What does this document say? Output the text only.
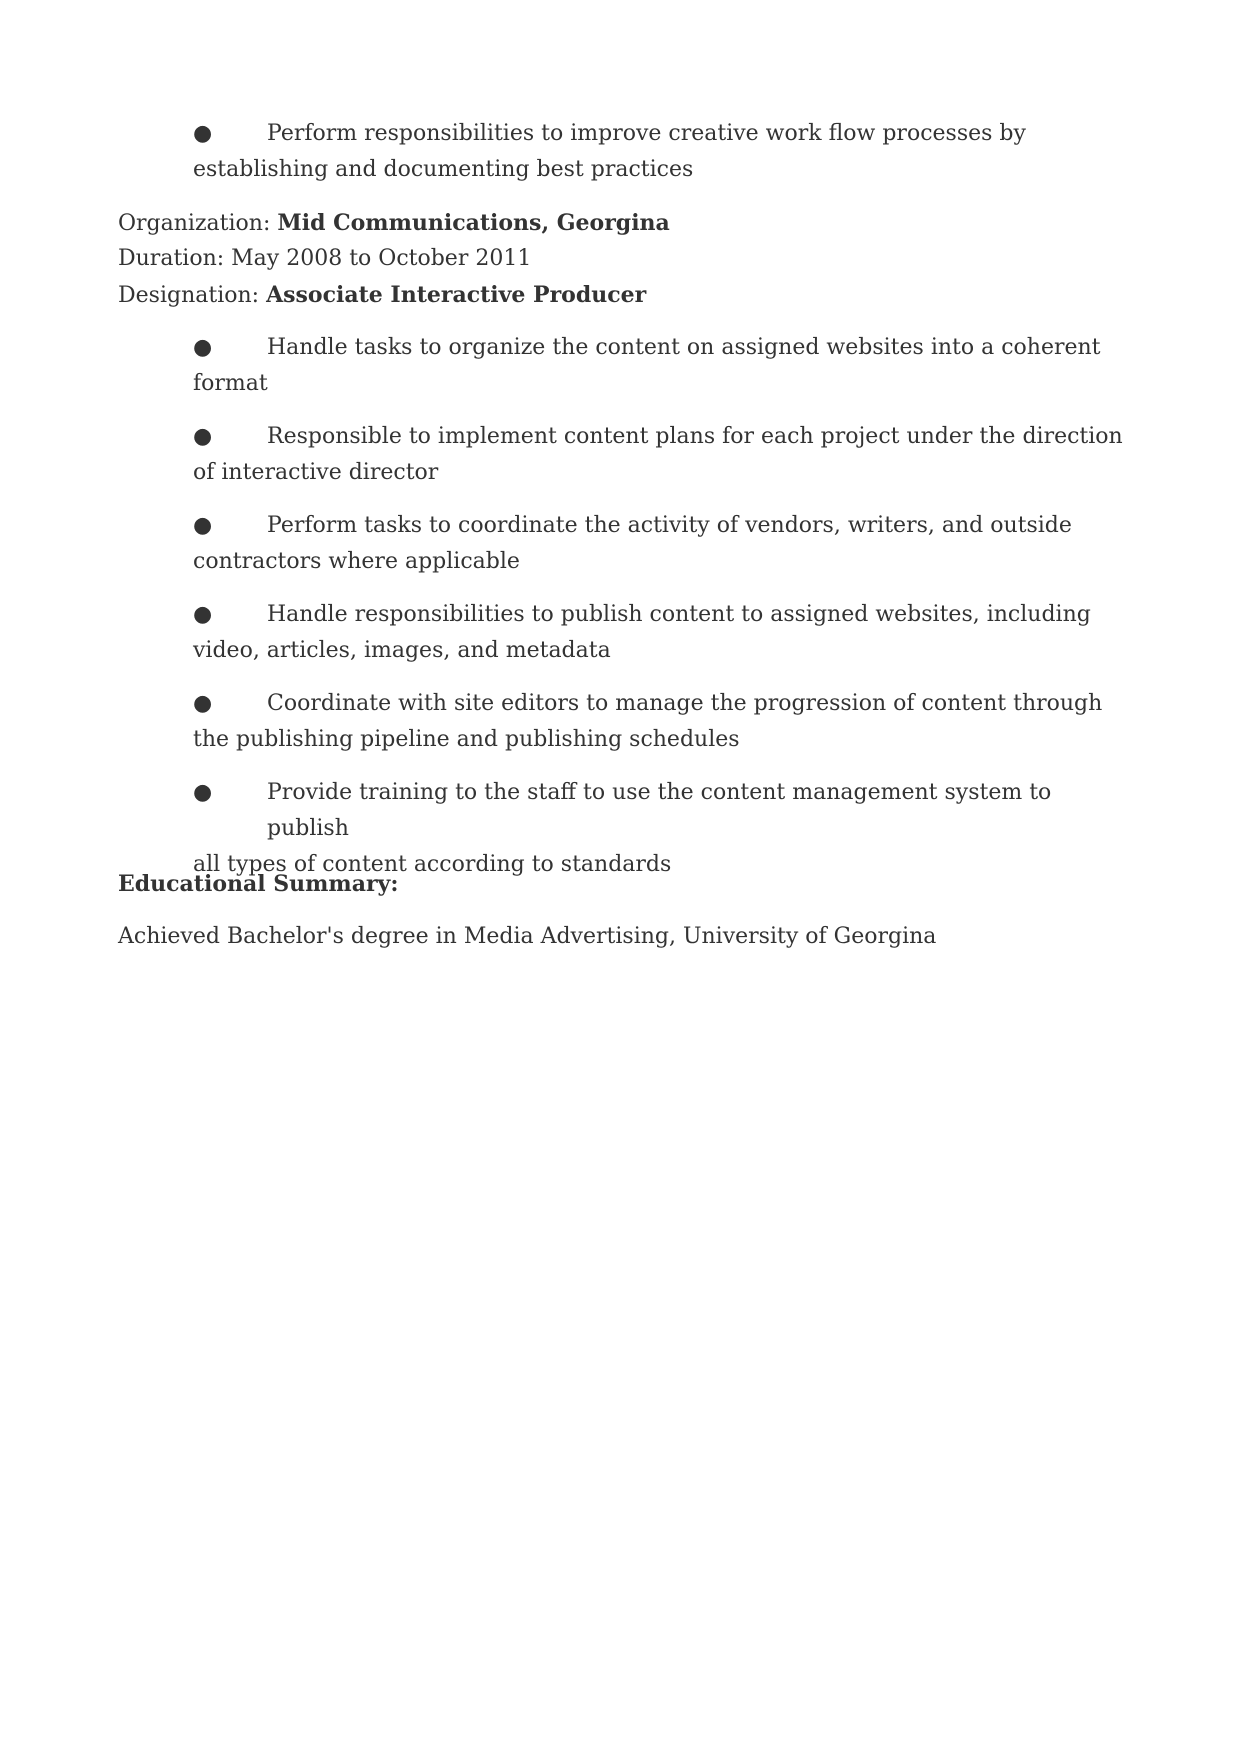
●	Perform responsibilities to improve creative work flow processes by
establishing and documenting best practices
Organization: Mid Communications, Georgina
Duration: May 2008 to October 2011
Designation: Associate Interactive Producer
●	Handle tasks to organize the content on assigned websites into a coherent
format
●	Responsible to implement content plans for each project under the direction
of interactive director
●	Perform tasks to coordinate the activity of vendors, writers, and outside
contractors where applicable
●	Handle responsibilities to publish content to assigned websites, including
video, articles, images, and metadata
●	Coordinate with site editors to manage the progression of content through
the publishing pipeline and publishing schedules
●	Provide training to the staff to use the content management system to publish
all types of content according to standards
Educational Summary:
Achieved Bachelor's degree in Media Advertising, University of Georgina
